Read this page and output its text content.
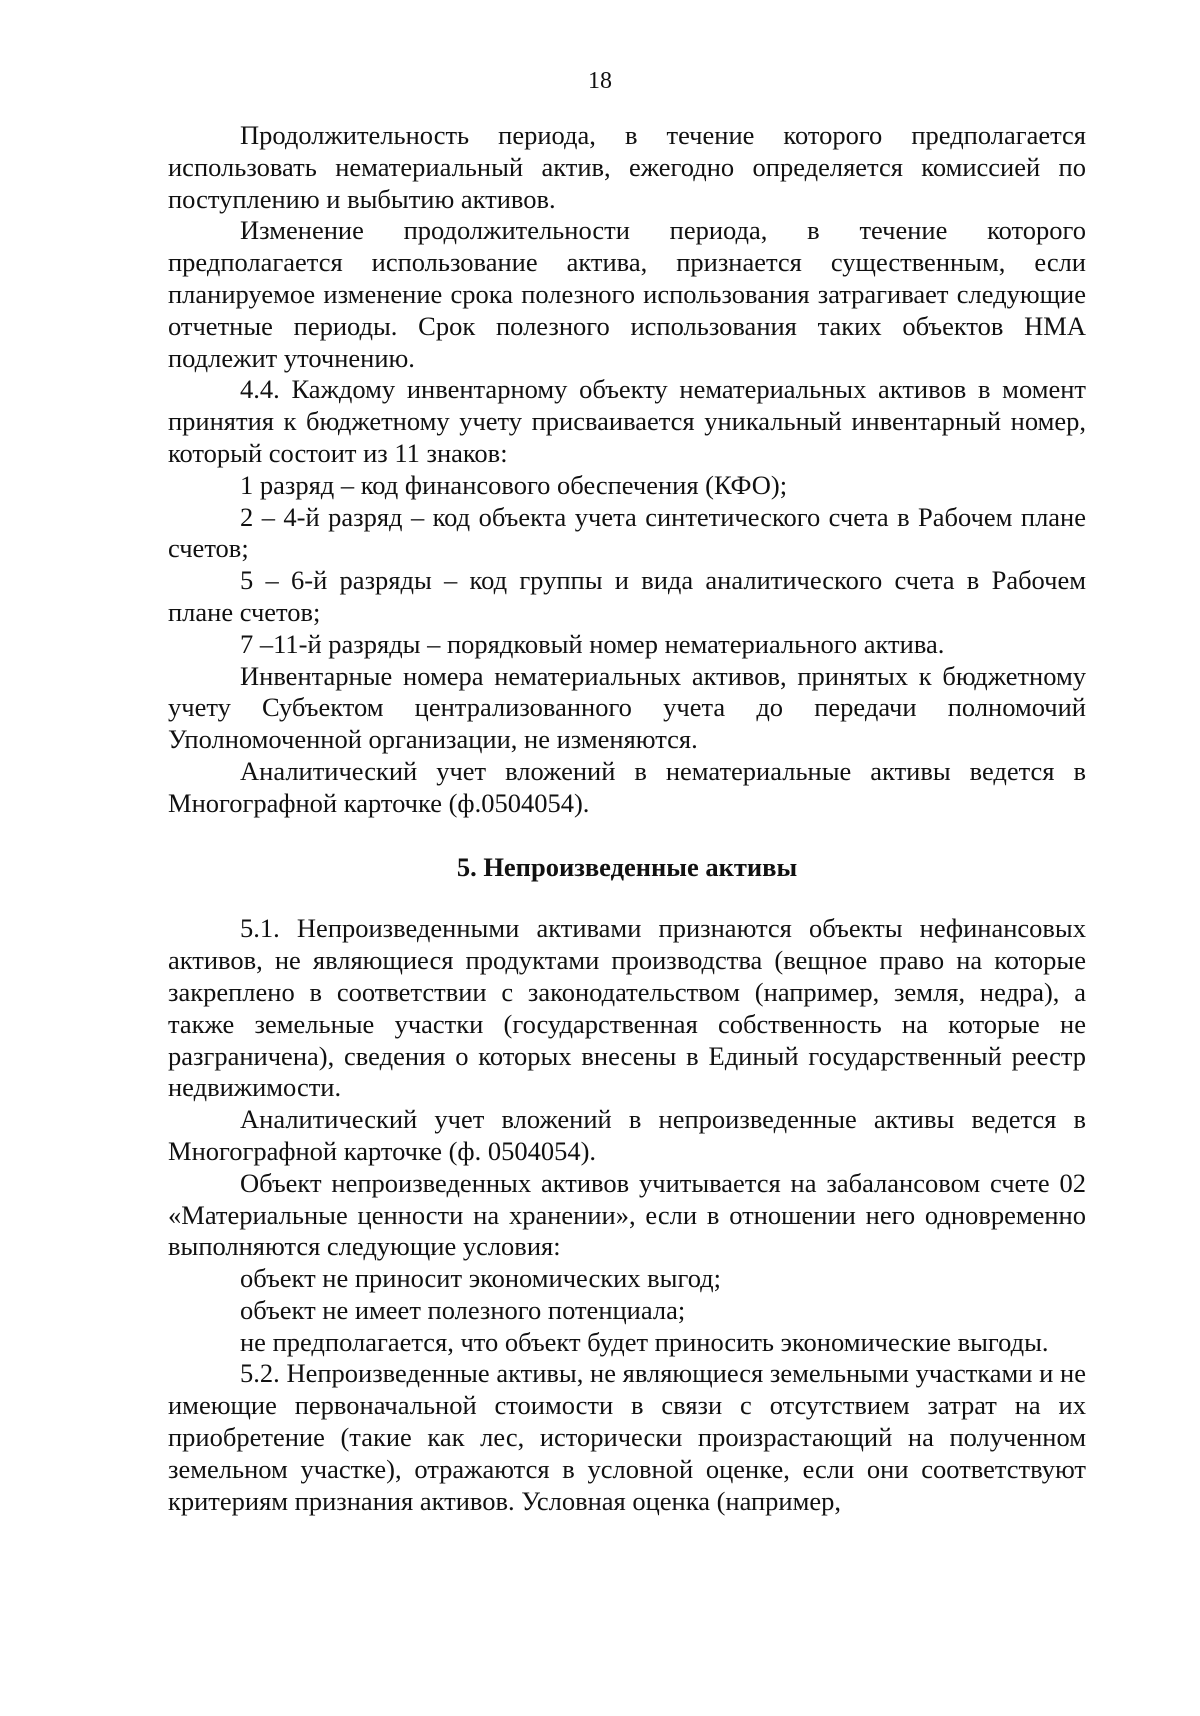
18

Продолжительность периода, в течение которого предполагается использовать нематериальный актив, ежегодно определяется комиссией по поступлению и выбытию активов.

Изменение продолжительности периода, в течение которого предполагается использование актива, признается существенным, если планируемое изменение срока полезного использования затрагивает следующие отчетные периоды. Срок полезного использования таких объектов НМА подлежит уточнению.

4.4. Каждому инвентарному объекту нематериальных активов в момент принятия к бюджетному учету присваивается уникальный инвентарный номер, который состоит из 11 знаков:

1 разряд – код финансового обеспечения (КФО);

2 – 4-й разряд – код объекта учета синтетического счета в Рабочем плане счетов;

5 – 6-й разряды – код группы и вида аналитического счета в Рабочем плане счетов;

7 –11-й разряды – порядковый номер нематериального актива.

Инвентарные номера нематериальных активов, принятых к бюджетному учету Субъектом централизованного учета до передачи полномочий Уполномоченной организации, не изменяются.

Аналитический учет вложений в нематериальные активы ведется в Многографной карточке (ф.0504054).

5. Непроизведенные активы

5.1. Непроизведенными активами признаются объекты нефинансовых активов, не являющиеся продуктами производства (вещное право на которые закреплено в соответствии с законодательством (например, земля, недра), а также земельные участки (государственная собственность на которые не разграничена), сведения о которых внесены в Единый государственный реестр недвижимости.

Аналитический учет вложений в непроизведенные активы ведется в Многографной карточке (ф. 0504054).

Объект непроизведенных активов учитывается на забалансовом счете 02 «Материальные ценности на хранении», если в отношении него одновременно выполняются следующие условия:

объект не приносит экономических выгод;

объект не имеет полезного потенциала;

не предполагается, что объект будет приносить экономические выгоды.

5.2. Непроизведенные активы, не являющиеся земельными участками и не имеющие первоначальной стоимости в связи с отсутствием затрат на их приобретение (такие как лес, исторически произрастающий на полученном земельном участке), отражаются в условной оценке, если они соответствуют критериям признания активов. Условная оценка (например,
